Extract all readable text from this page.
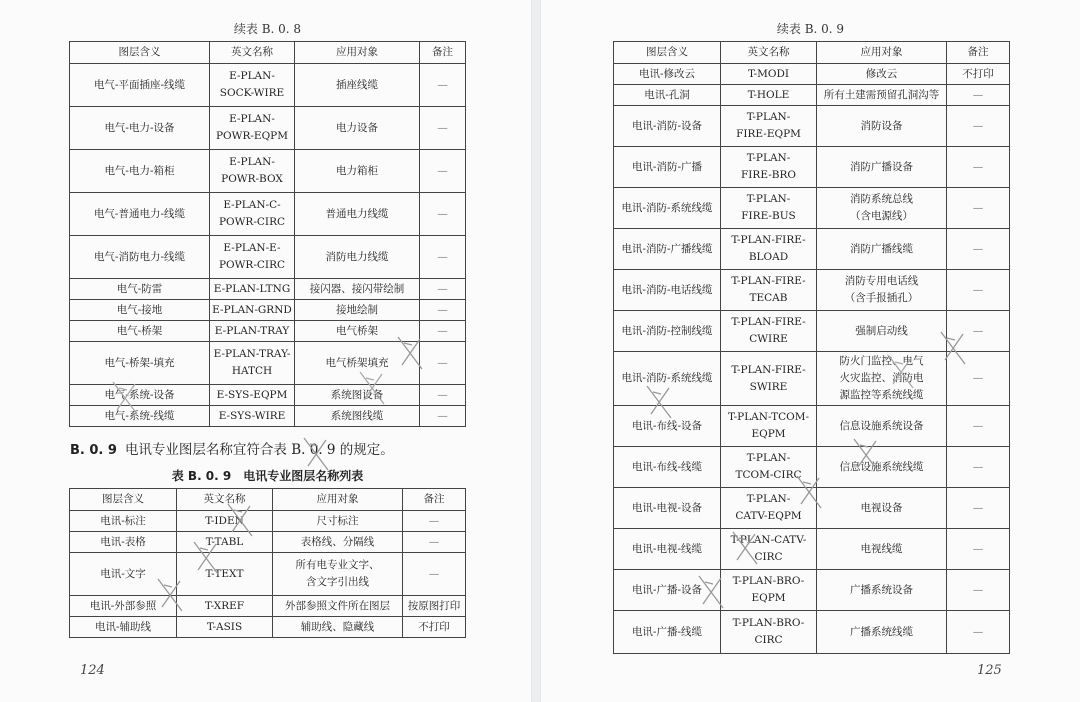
续表 B. 0. 8
图层含义	英文名称	应用对象	备注
电气-平面插座-线缆	E-PLAN-
SOCK-WIRE	插座线缆	—
电气-电力-设备	E-PLAN-
POWR-EQPM	电力设备	—
电气-电力-箱柜	E-PLAN-
POWR-BOX	电力箱柜	—
电气-普通电力-线缆	E-PLAN-C-
POWR-CIRC	普通电力线缆	—
电气-消防电力-线缆	E-PLAN-E-
POWR-CIRC	消防电力线缆	—
电气-防雷	E-PLAN-LTNG	接闪器、接闪带绘制	—
电气-接地	E-PLAN-GRND	接地绘制	—
电气-桥架	E-PLAN-TRAY	电气桥架	—
电气-桥架-填充	E-PLAN-TRAY-
HATCH	电气桥架填充	—
电气-系统-设备	E-SYS-EQPM	系统图设备	—
电气-系统-线缆	E-SYS-WIRE	系统图线缆	—
B. 0. 9 电讯专业图层名称宜符合表 B. 0. 9 的规定。
表 B. 0. 9　电讯专业图层名称列表
图层含义	英文名称	应用对象	备注
电讯-标注	T-IDEN	尺寸标注	—
电讯-表格	T-TABL	表格线、分隔线	—
电讯-文字	T-TEXT	所有电专业文字、
含文字引出线	—
电讯-外部参照	T-XREF	外部参照文件所在图层	按原图打印
电讯-辅助线	T-ASIS	辅助线、隐藏线	不打印
124
续表 B. 0. 9
图层含义	英文名称	应用对象	备注
电讯-修改云	T-MODI	修改云	不打印
电讯-孔洞	T-HOLE	所有土建需预留孔洞沟等	—
电讯-消防-设备	T-PLAN-
FIRE-EQPM	消防设备	—
电讯-消防-广播	T-PLAN-
FIRE-BRO	消防广播设备	—
电讯-消防-系统线缆	T-PLAN-
FIRE-BUS	消防系统总线
（含电源线）	—
电讯-消防-广播线缆	T-PLAN-FIRE-
BLOAD	消防广播线缆	—
电讯-消防-电话线缆	T-PLAN-FIRE-
TECAB	消防专用电话线
（含手报插孔）	—
电讯-消防-控制线缆	T-PLAN-FIRE-
CWIRE	强制启动线	—
电讯-消防-系统线缆	T-PLAN-FIRE-
SWIRE	防火门监控、电气
火灾监控、消防电
源监控等系统线缆	—
电讯-布线-设备	T-PLAN-TCOM-
EQPM	信息设施系统设备	—
电讯-布线-线缆	T-PLAN-
TCOM-CIRC	信息设施系统线缆	—
电讯-电视-设备	T-PLAN-
CATV-EQPM	电视设备	—
电讯-电视-线缆	T-PLAN-CATV-
CIRC	电视线缆	—
电讯-广播-设备	T-PLAN-BRO-
EQPM	广播系统设备	—
电讯-广播-线缆	T-PLAN-BRO-
CIRC	广播系统线缆	—
125
